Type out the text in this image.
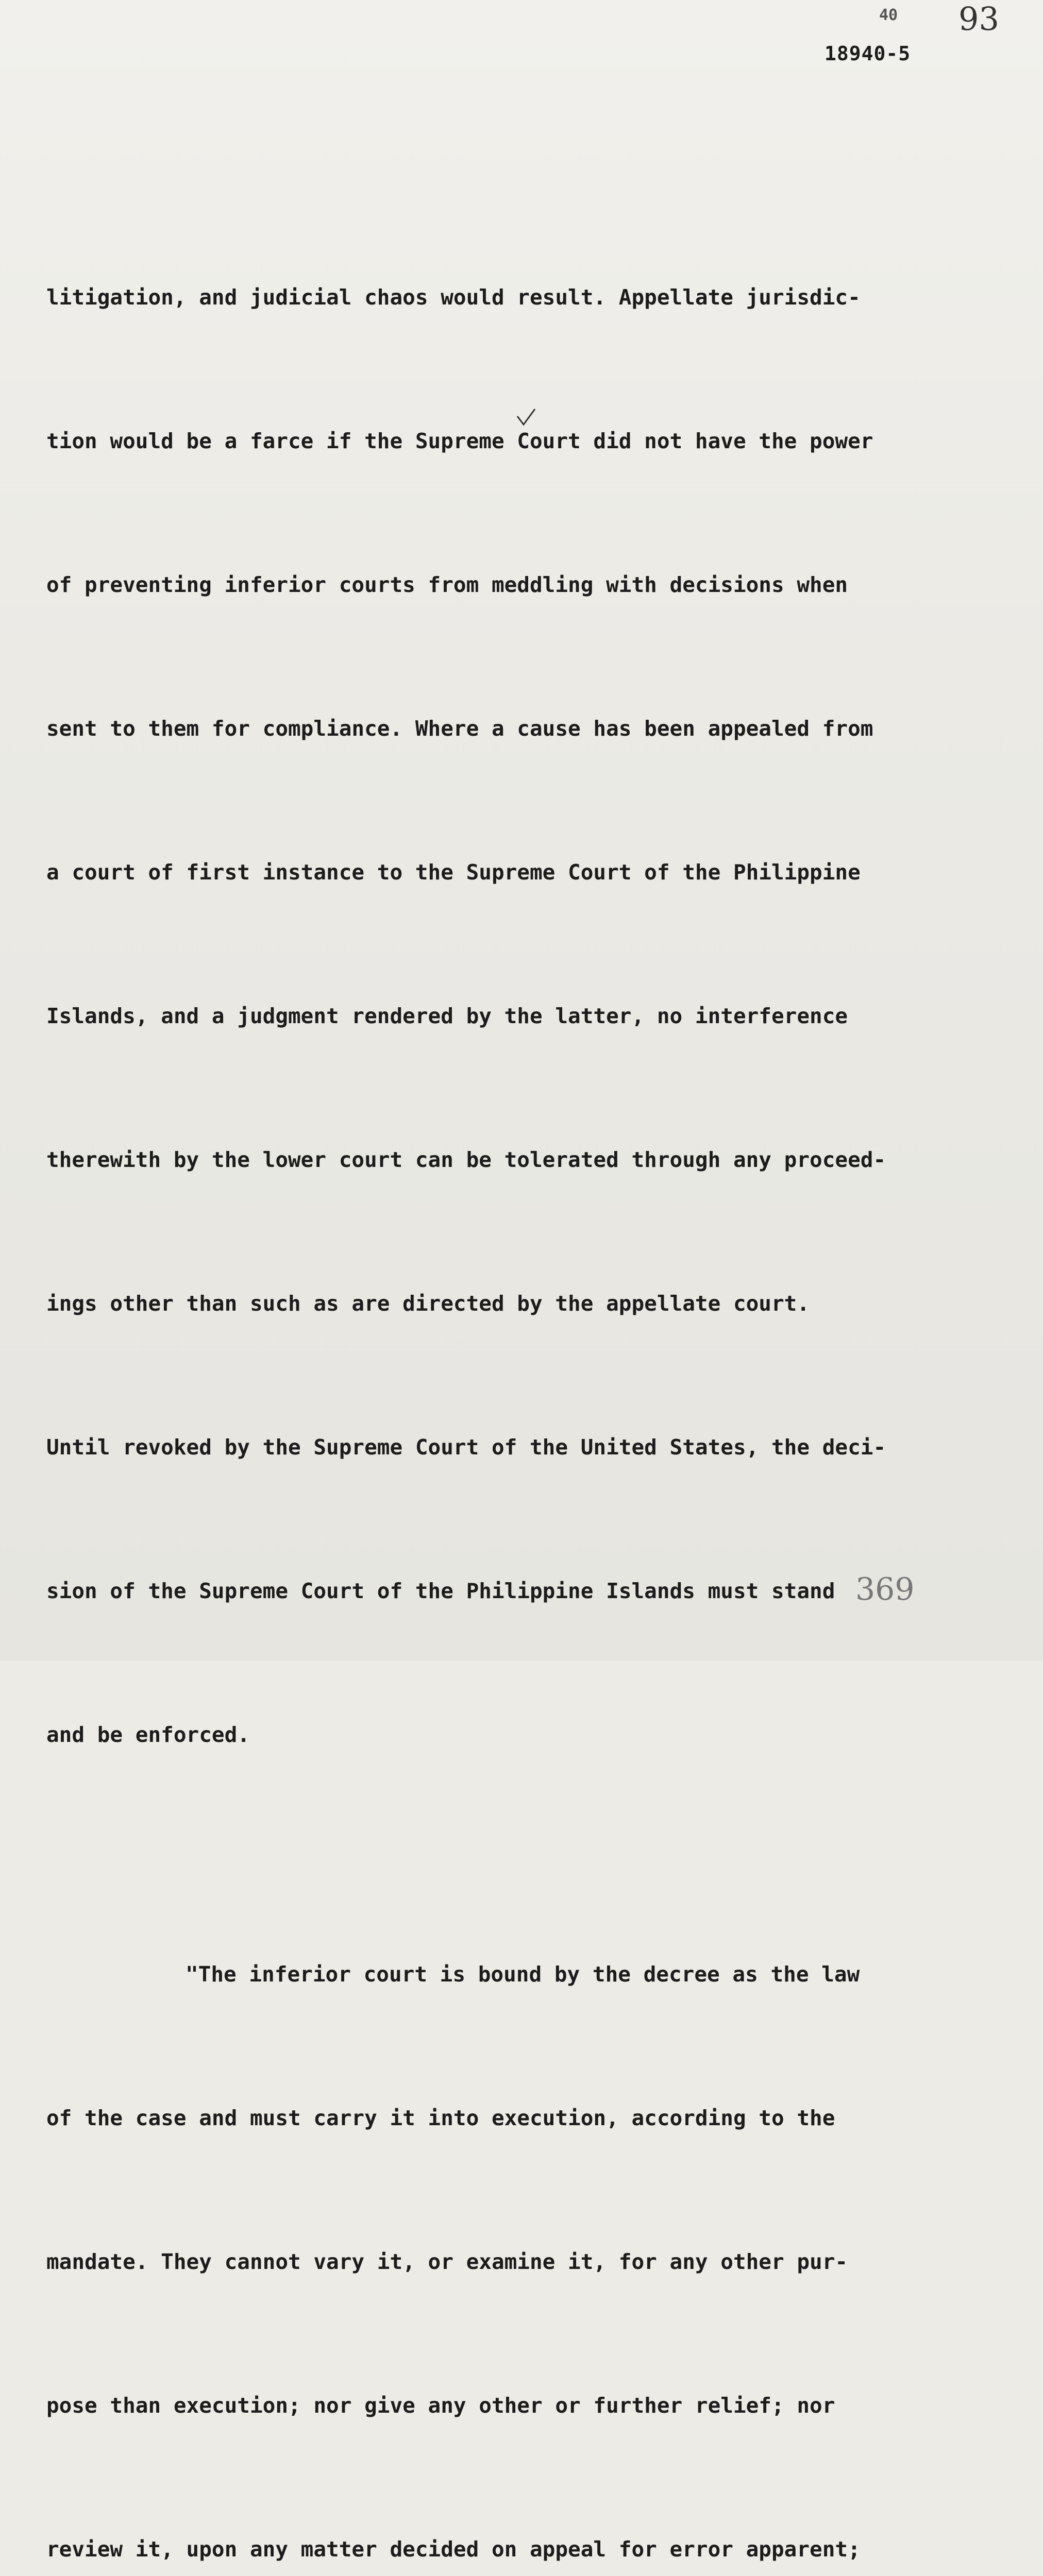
40 93
18940-5

litigation, and judicial chaos would result. Appellate jurisdic-

tion would be a farce if the Supreme Court did not have the power

of preventing inferior courts from meddling with decisions when

sent to them for compliance. Where a cause has been appealed from

a court of first instance to the Supreme Court of the Philippine

Islands, and a judgment rendered by the latter, no interference

therewith by the lower court can be tolerated through any proceed-

ings other than such as are directed by the appellate court.

Until revoked by the Supreme Court of the United States, the deci-

sion of the Supreme Court of the Philippine Islands must stand

and be enforced.

"The inferior court is bound by the decree as the law

of the case and must carry it into execution, according to the

mandate. They cannot vary it, or examine it, for any other pur-

pose than execution; nor give any other or further relief; nor

review it, upon any matter decided on appeal for error apparent;

369
